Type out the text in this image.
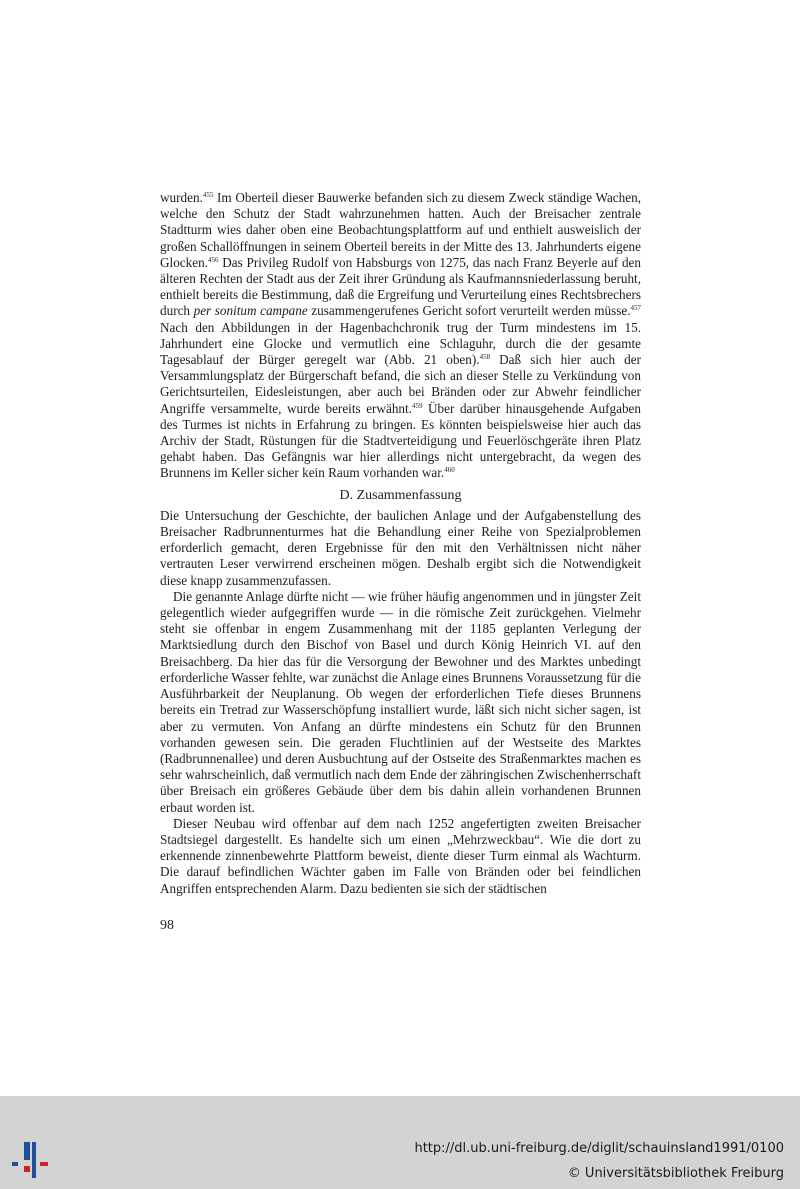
wurden.$^{455}$ Im Oberteil dieser Bauwerke befanden sich zu diesem Zweck ständige Wachen, welche den Schutz der Stadt wahrzunehmen hatten. Auch der Breisacher zentrale Stadtturm wies daher oben eine Beobachtungsplattform auf und enthielt ausweislich der großen Schallöffnungen in seinem Oberteil bereits in der Mitte des 13. Jahrhunderts eigene Glocken.$^{456}$ Das Privileg Rudolf von Habsburgs von 1275, das nach Franz Beyerle auf den älteren Rechten der Stadt aus der Zeit ihrer Gründung als Kaufmannsniederlassung beruht, enthielt bereits die Bestimmung, daß die Ergreifung und Verurteilung eines Rechtsbrechers durch per sonitum campane zusammengerufenes Gericht sofort verurteilt werden müsse.$^{457}$ Nach den Abbildungen in der Hagenbachchronik trug der Turm mindestens im 15. Jahrhundert eine Glocke und vermutlich eine Schlaguhr, durch die der gesamte Tagesablauf der Bürger geregelt war (Abb. 21 oben).$^{458}$ Daß sich hier auch der Versammlungsplatz der Bürgerschaft befand, die sich an dieser Stelle zu Verkündung von Gerichtsurteilen, Eidesleistungen, aber auch bei Bränden oder zur Abwehr feindlicher Angriffe versammelte, wurde bereits erwähnt.$^{459}$ Über darüber hinausgehende Aufgaben des Turmes ist nichts in Erfahrung zu bringen. Es könnten beispielsweise hier auch das Archiv der Stadt, Rüstungen für die Stadtverteidigung und Feuerlöschgeräte ihren Platz gehabt haben. Das Gefängnis war hier allerdings nicht untergebracht, da wegen des Brunnens im Keller sicher kein Raum vorhanden war.$^{460}$

D. Zusammenfassung

Die Untersuchung der Geschichte, der baulichen Anlage und der Aufgabenstellung des Breisacher Radbrunnenturmes hat die Behandlung einer Reihe von Spezialproblemen erforderlich gemacht, deren Ergebnisse für den mit den Verhältnissen nicht näher vertrauten Leser verwirrend erscheinen mögen. Deshalb ergibt sich die Notwendigkeit diese knapp zusammenzufassen.

Die genannte Anlage dürfte nicht — wie früher häufig angenommen und in jüngster Zeit gelegentlich wieder aufgegriffen wurde — in die römische Zeit zurückgehen. Vielmehr steht sie offenbar in engem Zusammenhang mit der 1185 geplanten Verlegung der Marktsiedlung durch den Bischof von Basel und durch König Heinrich VI. auf den Breisachberg. Da hier das für die Versorgung der Bewohner und des Marktes unbedingt erforderliche Wasser fehlte, war zunächst die Anlage eines Brunnens Voraussetzung für die Ausführbarkeit der Neuplanung. Ob wegen der erforderlichen Tiefe dieses Brunnens bereits ein Tretrad zur Wasserschöpfung installiert wurde, läßt sich nicht sicher sagen, ist aber zu vermuten. Von Anfang an dürfte mindestens ein Schutz für den Brunnen vorhanden gewesen sein. Die geraden Fluchtlinien auf der Westseite des Marktes (Radbrunnenallee) und deren Ausbuchtung auf der Ostseite des Straßenmarktes machen es sehr wahrscheinlich, daß vermutlich nach dem Ende der zähringischen Zwischenherrschaft über Breisach ein größeres Gebäude über dem bis dahin allein vorhandenen Brunnen erbaut worden ist.

Dieser Neubau wird offenbar auf dem nach 1252 angefertigten zweiten Breisacher Stadtsiegel dargestellt. Es handelte sich um einen „Mehrzweckbau“. Wie die dort zu erkennende zinnenbewehrte Plattform beweist, diente dieser Turm einmal als Wachturm. Die darauf befindlichen Wächter gaben im Falle von Bränden oder bei feindlichen Angriffen entsprechenden Alarm. Dazu bedienten sie sich der städtischen

98
http://dl.ub.uni-freiburg.de/diglit/schauinsland1991/0100
© Universitätsbibliothek Freiburg
